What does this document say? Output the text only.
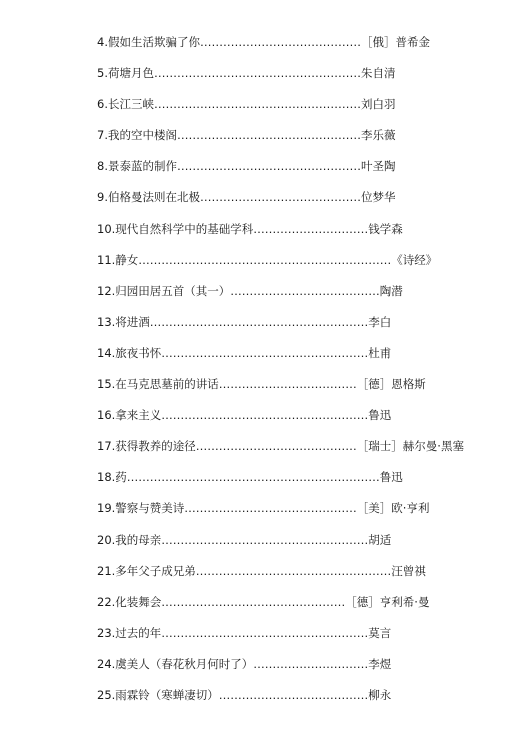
4.假如生活欺骗了你……………………………………［俄］普希金
5.荷塘月色………………………………………………朱自清
6.长江三峡………………………………………………刘白羽
7.我的空中楼阁…………………………………………李乐薇
8.景泰蓝的制作…………………………………………叶圣陶
9.伯格曼法则在北极……………………………………位梦华
10.现代自然科学中的基础学科…………………………钱学森
11.静女…………………………………………………………《诗经》
12.归园田居五首（其一）…………………………………陶潜
13.将进酒…………………………………………………李白
14.旅夜书怀………………………………………………杜甫
15.在马克思墓前的讲话………………………………［德］恩格斯
16.拿来主义………………………………………………鲁迅
17.获得教养的途径……………………………………［瑞士］赫尔曼·黑塞
18.药…………………………………………………………鲁迅
19.警察与赞美诗………………………………………［美］欧·亨利
20.我的母亲………………………………………………胡适
21.多年父子成兄弟……………………………………………汪曾祺
22.化装舞会…………………………………………［德］亨利希·曼
23.过去的年………………………………………………莫言
24.虞美人（春花秋月何时了）…………………………李煜
25.雨霖铃（寒蝉凄切）…………………………………柳永
